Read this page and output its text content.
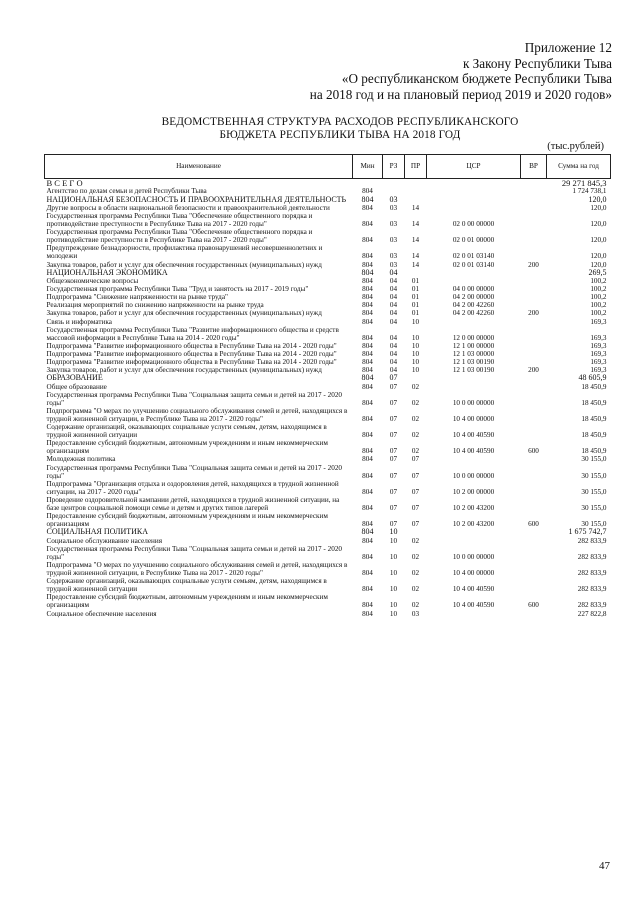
Приложение 12
к Закону Республики Тыва
«О республиканском бюджете Республики Тыва
на 2018 год и на плановый период 2019 и 2020 годов»
ВЕДОМСТВЕННАЯ СТРУКТУРА РАСХОДОВ РЕСПУБЛИКАНСКОГО
БЮДЖЕТА РЕСПУБЛИКИ ТЫВА НА 2018 ГОД
(тыс.рублей)
Наименование	Мин	РЗ	ПР	ЦСР	ВР	Сумма на год
В С Е Г О						29 271 845,3
Агентство по делам семьи и детей Республики Тыва	804					1 724 738,1
НАЦИОНАЛЬНАЯ БЕЗОПАСНОСТЬ И ПРАВООХРАНИТЕЛЬНАЯ ДЕЯТЕЛЬНОСТЬ	804	03				120,0
Другие вопросы в области национальной безопасности и правоохранительной деятельности	804	03	14			120,0
Государственная программа Республики Тыва "Обеспечение общественного порядка и противодействие преступности в Республике Тыва на 2017 - 2020 годы"	804	03	14	02 0 00 00000		120,0
Государственная программа Республики Тыва "Обеспечение общественного порядка и противодействие преступности в Республике Тыва на 2017 - 2020 годы"	804	03	14	02 0 01 00000		120,0
Предупреждение безнадзорности, профилактика правонарушений несовершеннолетних и молодежи	804	03	14	02 0 01 03140		120,0
Закупка товаров, работ и услуг для обеспечения государственных (муниципальных) нужд	804	03	14	02 0 01 03140	200	120,0
НАЦИОНАЛЬНАЯ ЭКОНОМИКА	804	04				269,5
Общеэкономические вопросы	804	04	01			100,2
Государственная программа Республики Тыва "Труд и занятость на 2017 - 2019 годы"	804	04	01	04 0 00 00000		100,2
Подпрограмма "Снижение напряженности на рынке труда"	804	04	01	04 2 00 00000		100,2
Реализация мероприятий по снижению напряженности на рынке труда	804	04	01	04 2 00 42260		100,2
Закупка товаров, работ и услуг для обеспечения государственных (муниципальных) нужд	804	04	01	04 2 00 42260	200	100,2
Связь и информатика	804	04	10			169,3
Государственная программа Республики Тыва "Развитие информационного общества и средств массовой информации в Республике Тыва на 2014 - 2020 годы"	804	04	10	12 0 00 00000		169,3
Подпрограмма "Развитие информационного общества в Республике Тыва на 2014 - 2020 годы"	804	04	10	12 1 00 00000		169,3
Подпрограмма "Развитие информационного общества в Республике Тыва на 2014 - 2020 годы"	804	04	10	12 1 03 00000		169,3
Подпрограмма "Развитие информационного общества в Республике Тыва на 2014 - 2020 годы"	804	04	10	12 1 03 00190		169,3
Закупка товаров, работ и услуг для обеспечения государственных (муниципальных) нужд	804	04	10	12 1 03 00190	200	169,3
ОБРАЗОВАНИЕ	804	07				48 605,9
Общее образование	804	07	02			18 450,9
Государственная программа Республики Тыва "Социальная защита семьи и детей на 2017 - 2020 годы"	804	07	02	10 0 00 00000		18 450,9
Подпрограмма "О мерах по улучшению социального обслуживания семей и детей, находящихся в трудной жизненной ситуации, в Республике Тыва на 2017 - 2020 годы"	804	07	02	10 4 00 00000		18 450,9
Содержание организаций, оказывающих социальные услуги семьям, детям, находящимся в трудной жизненной ситуации	804	07	02	10 4 00 40590		18 450,9
Предоставление субсидий бюджетным, автономным учреждениям и иным некоммерческим организациям	804	07	02	10 4 00 40590	600	18 450,9
Молодежная политика	804	07	07			30 155,0
Государственная программа Республики Тыва "Социальная защита семьи и детей на 2017 - 2020 годы"	804	07	07	10 0 00 00000		30 155,0
Подпрограмма "Организация отдыха и оздоровления детей, находящихся в трудной жизненной ситуации, на 2017 - 2020 годы"	804	07	07	10 2 00 00000		30 155,0
Проведение оздоровительной кампании детей, находящихся в трудной жизненной ситуации, на базе центров социальной помощи семье и детям и других типов лагерей	804	07	07	10 2 00 43200		30 155,0
Предоставление субсидий бюджетным, автономным учреждениям и иным некоммерческим организациям	804	07	07	10 2 00 43200	600	30 155,0
СОЦИАЛЬНАЯ ПОЛИТИКА	804	10				1 675 742,7
Социальное обслуживание населения	804	10	02			282 833,9
Государственная программа Республики Тыва "Социальная защита семьи и детей на 2017 - 2020 годы"	804	10	02	10 0 00 00000		282 833,9
Подпрограмма "О мерах по улучшению социального обслуживания семей и детей, находящихся в трудной жизненной ситуации, в Республике Тыва на 2017 - 2020 годы"	804	10	02	10 4 00 00000		282 833,9
Содержание организаций, оказывающих социальные услуги семьям, детям, находящимся в трудной жизненной ситуации	804	10	02	10 4 00 40590		282 833,9
Предоставление субсидий бюджетным, автономным учреждениям и иным некоммерческим организациям	804	10	02	10 4 00 40590	600	282 833,9
Социальное обеспечение населения	804	10	03			227 822,8
47
